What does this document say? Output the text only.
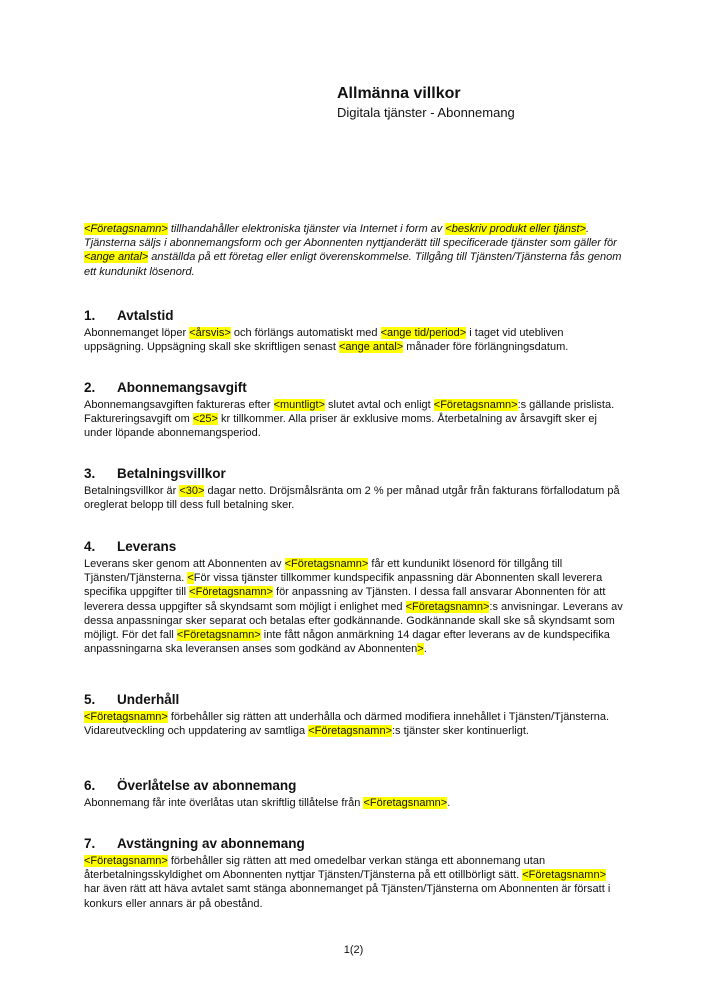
Allmänna villkor

Digitala tjänster - Abonnemang

<Företagsnamn> tillhandahåller elektroniska tjänster via Internet i form av <beskriv produkt eller tjänst>. Tjänsterna säljs i abonnemangsform och ger Abonnenten nyttjanderätt till specificerade tjänster som gäller för <ange antal> anställda på ett företag eller enligt överenskommelse. Tillgång till Tjänsten/Tjänsterna fås genom ett kundunikt lösenord.

1. Avtalstid

Abonnemanget löper <årsvis> och förlängs automatiskt med <ange tid/period> i taget vid utebliven uppsägning. Uppsägning skall ske skriftligen senast <ange antal> månader före förlängningsdatum.

2. Abonnemangsavgift

Abonnemangsavgiften faktureras efter <muntligt> slutet avtal och enligt <Företagsnamn>:s gällande prislista. Faktureringsavgift om <25> kr tillkommer. Alla priser är exklusive moms. Återbetalning av årsavgift sker ej under löpande abonnemangsperiod.

3. Betalningsvillkor

Betalningsvillkor är <30> dagar netto. Dröjsmålsränta om 2 % per månad utgår från fakturans förfallodatum på oreglerat belopp till dess full betalning sker.

4. Leverans

Leverans sker genom att Abonnenten av <Företagsnamn> får ett kundunikt lösenord för tillgång till Tjänsten/Tjänsterna. <För vissa tjänster tillkommer kundspecifik anpassning där Abonnenten skall leverera specifika uppgifter till <Företagsnamn> för anpassning av Tjänsten. I dessa fall ansvarar Abonnenten för att leverera dessa uppgifter så skyndsamt som möjligt i enlighet med <Företagsnamn>:s anvisningar. Leverans av dessa anpassningar sker separat och betalas efter godkännande. Godkännande skall ske så skyndsamt som möjligt. För det fall <Företagsnamn> inte fått någon anmärkning 14 dagar efter leverans av de kundspecifika anpassningarna ska leveransen anses som godkänd av Abonnenten>.

5. Underhåll

<Företagsnamn> förbehåller sig rätten att underhålla och därmed modifiera innehållet i Tjänsten/Tjänsterna. Vidareutveckling och uppdatering av samtliga <Företagsnamn>:s tjänster sker kontinuerligt.

6. Överlåtelse av abonnemang

Abonnemang får inte överlåtas utan skriftlig tillåtelse från <Företagsnamn>.

7. Avstängning av abonnemang

<Företagsnamn> förbehåller sig rätten att med omedelbar verkan stänga ett abonnemang utan återbetalningsskyldighet om Abonnenten nyttjar Tjänsten/Tjänsterna på ett otillbörligt sätt. <Företagsnamn> har även rätt att häva avtalet samt stänga abonnemanget på Tjänsten/Tjänsterna om Abonnenten är försatt i konkurs eller annars är på obestånd.

1(2)
